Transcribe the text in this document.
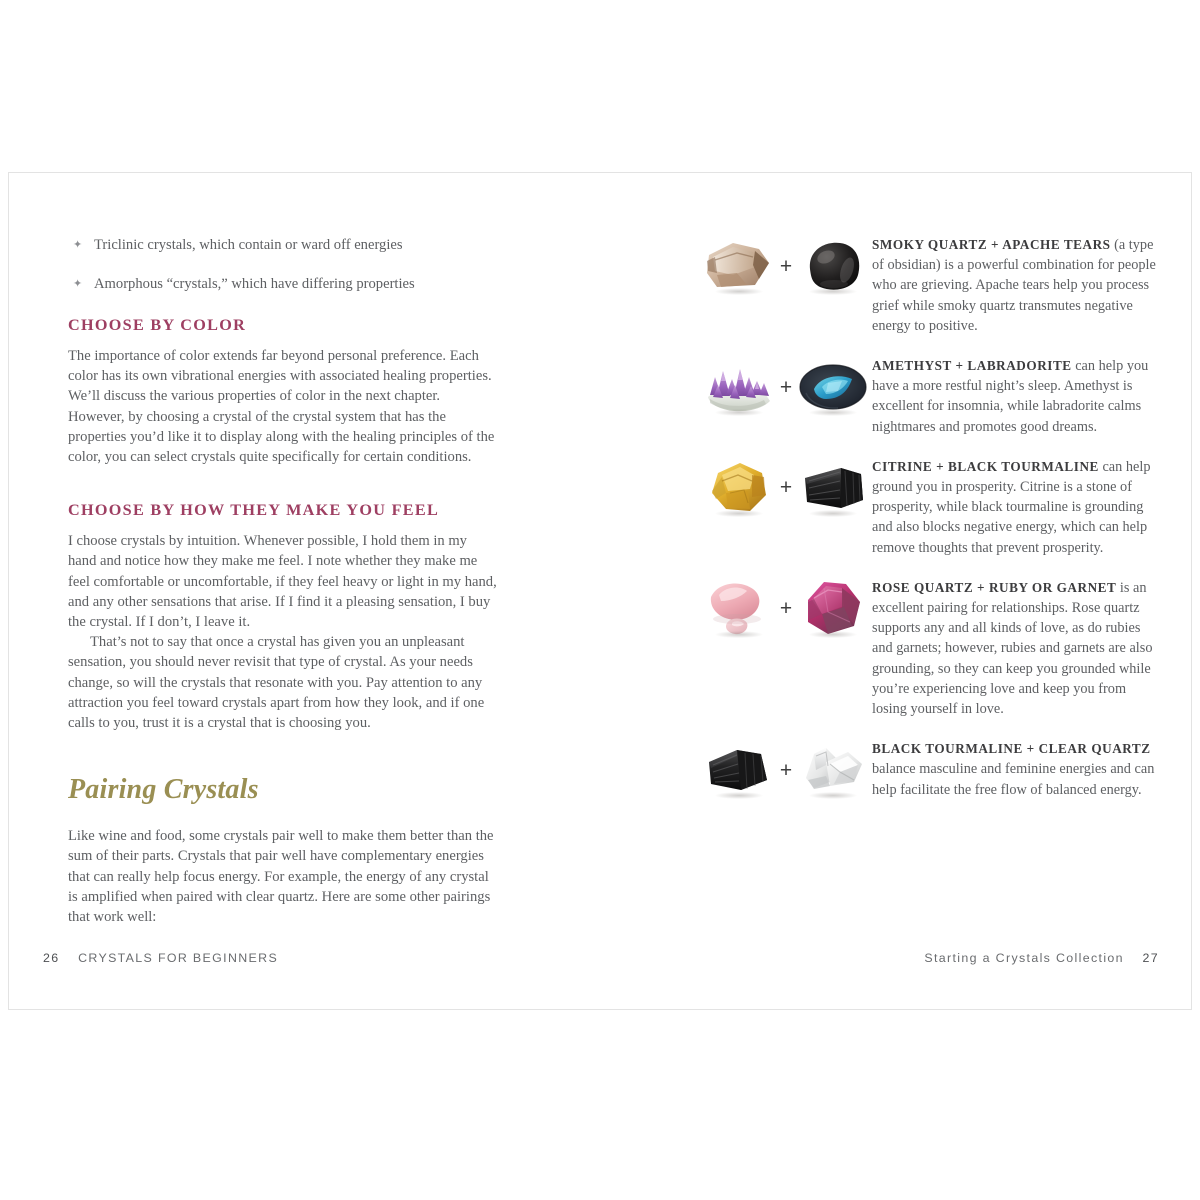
✦ Triclinic crystals, which contain or ward off energies
✦ Amorphous “crystals,” which have differing properties
CHOOSE BY COLOR

The importance of color extends far beyond personal preference. Each color has its own vibrational energies with associated healing properties. We’ll discuss the various properties of color in the next chapter. However, by choosing a crystal of the crystal system that has the properties you’d like it to display along with the healing principles of the color, you can select crystals quite specifically for certain conditions.

CHOOSE BY HOW THEY MAKE YOU FEEL

I choose crystals by intuition. Whenever possible, I hold them in my hand and notice how they make me feel. I note whether they make me feel comfortable or uncomfortable, if they feel heavy or light in my hand, and any other sensations that arise. If I find it a pleasing sensation, I buy the crystal. If I don’t, I leave it.

That’s not to say that once a crystal has given you an unpleasant sensation, you should never revisit that type of crystal. As your needs change, so will the crystals that resonate with you. Pay attention to any attraction you feel toward crystals apart from how they look, and if one calls to you, trust it is a crystal that is choosing you.

Pairing Crystals

Like wine and food, some crystals pair well to make them better than the sum of their parts. Crystals that pair well have complementary energies that can really help focus energy. For example, the energy of any crystal is amplified when paired with clear quartz. Here are some other pairings that work well:

26 CRYSTALS FOR BEGINNERS
+
SMOKY QUARTZ + APACHE TEARS (a type of obsidian) is a powerful combination for people who are grieving. Apache tears help you process grief while smoky quartz transmutes negative energy to positive.
+
AMETHYST + LABRADORITE can help you have a more restful night’s sleep. Amethyst is excellent for insomnia, while labradorite calms nightmares and promotes good dreams.
+
CITRINE + BLACK TOURMALINE can help ground you in prosperity. Citrine is a stone of prosperity, while black tourmaline is grounding and also blocks negative energy, which can help remove thoughts that prevent prosperity.
+
ROSE QUARTZ + RUBY OR GARNET is an excellent pairing for relationships. Rose quartz supports any and all kinds of love, as do rubies and garnets; however, rubies and garnets are also grounding, so they can keep you grounded while you’re experiencing love and keep you from losing yourself in love.
+
BLACK TOURMALINE + CLEAR QUARTZ balance masculine and feminine energies and can help facilitate the free flow of balanced energy.
Starting a Crystals Collection 27
